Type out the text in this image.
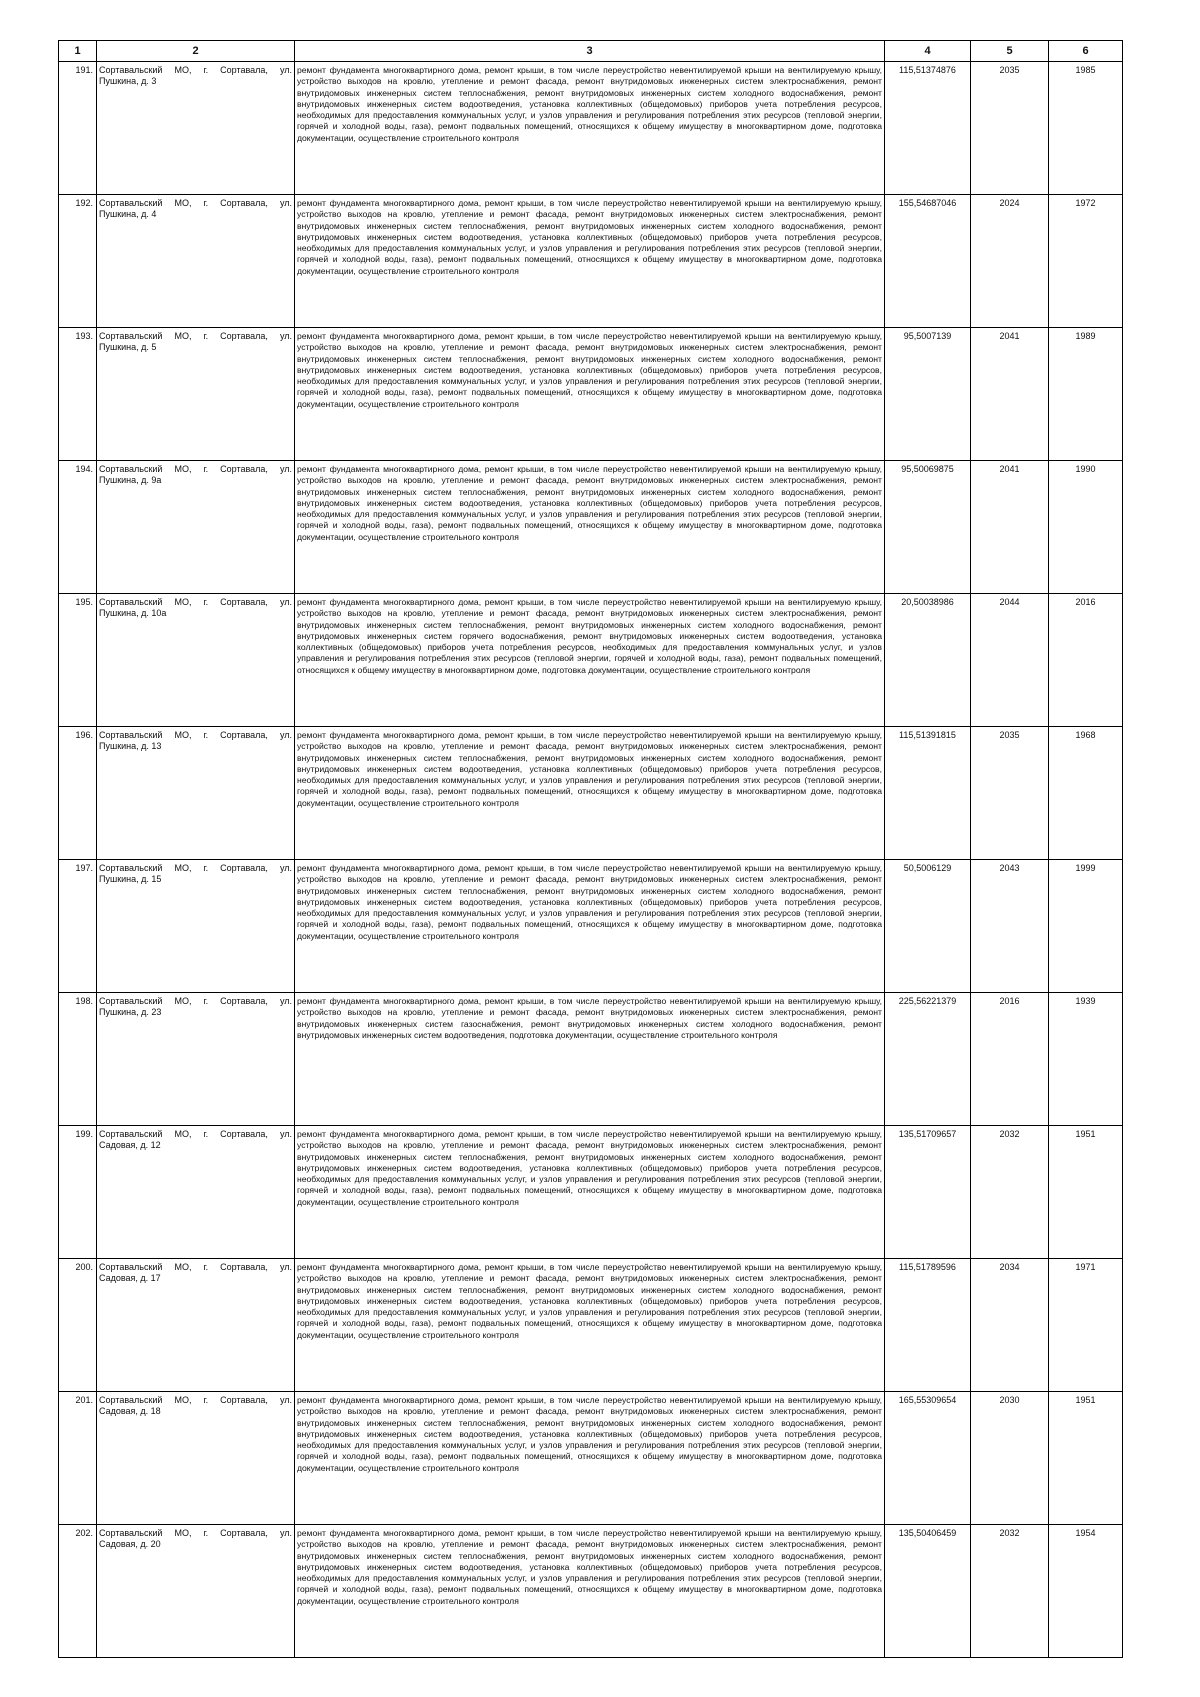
1	2	3	4	5	6
191.	Сортавальский МО, г. Сортавала, ул. Пушкина, д. 3	ремонт фундамента многоквартирного дома, ремонт крыши, в том числе переустройство невентилируемой крыши на вентилируемую крышу, устройство выходов на кровлю, утепление и ремонт фасада, ремонт внутридомовых инженерных систем электроснабжения, ремонт внутридомовых инженерных систем теплоснабжения, ремонт внутридомовых инженерных систем холодного водоснабжения, ремонт внутридомовых инженерных систем водоотведения, установка коллективных (общедомовых) приборов учета потребления ресурсов, необходимых для предоставления коммунальных услуг, и узлов управления и регулирования потребления этих ресурсов (тепловой энергии, горячей и холодной воды, газа), ремонт подвальных помещений, относящихся к общему имуществу в многоквартирном доме, подготовка документации, осуществление строительного контроля	115,51374876	2035	1985
192.	Сортавальский МО, г. Сортавала, ул. Пушкина, д. 4	ремонт фундамента многоквартирного дома, ремонт крыши, в том числе переустройство невентилируемой крыши на вентилируемую крышу, устройство выходов на кровлю, утепление и ремонт фасада, ремонт внутридомовых инженерных систем электроснабжения, ремонт внутридомовых инженерных систем теплоснабжения, ремонт внутридомовых инженерных систем холодного водоснабжения, ремонт внутридомовых инженерных систем водоотведения, установка коллективных (общедомовых) приборов учета потребления ресурсов, необходимых для предоставления коммунальных услуг, и узлов управления и регулирования потребления этих ресурсов (тепловой энергии, горячей и холодной воды, газа), ремонт подвальных помещений, относящихся к общему имуществу в многоквартирном доме, подготовка документации, осуществление строительного контроля	155,54687046	2024	1972
193.	Сортавальский МО, г. Сортавала, ул. Пушкина, д. 5	ремонт фундамента многоквартирного дома, ремонт крыши, в том числе переустройство невентилируемой крыши на вентилируемую крышу, устройство выходов на кровлю, утепление и ремонт фасада, ремонт внутридомовых инженерных систем электроснабжения, ремонт внутридомовых инженерных систем теплоснабжения, ремонт внутридомовых инженерных систем холодного водоснабжения, ремонт внутридомовых инженерных систем водоотведения, установка коллективных (общедомовых) приборов учета потребления ресурсов, необходимых для предоставления коммунальных услуг, и узлов управления и регулирования потребления этих ресурсов (тепловой энергии, горячей и холодной воды, газа), ремонт подвальных помещений, относящихся к общему имуществу в многоквартирном доме, подготовка документации, осуществление строительного контроля	95,5007139	2041	1989
194.	Сортавальский МО, г. Сортавала, ул. Пушкина, д. 9а	ремонт фундамента многоквартирного дома, ремонт крыши, в том числе переустройство невентилируемой крыши на вентилируемую крышу, устройство выходов на кровлю, утепление и ремонт фасада, ремонт внутридомовых инженерных систем электроснабжения, ремонт внутридомовых инженерных систем теплоснабжения, ремонт внутридомовых инженерных систем холодного водоснабжения, ремонт внутридомовых инженерных систем водоотведения, установка коллективных (общедомовых) приборов учета потребления ресурсов, необходимых для предоставления коммунальных услуг, и узлов управления и регулирования потребления этих ресурсов (тепловой энергии, горячей и холодной воды, газа), ремонт подвальных помещений, относящихся к общему имуществу в многоквартирном доме, подготовка документации, осуществление строительного контроля	95,50069875	2041	1990
195.	Сортавальский МО, г. Сортавала, ул. Пушкина, д. 10а	ремонт фундамента многоквартирного дома, ремонт крыши, в том числе переустройство невентилируемой крыши на вентилируемую крышу, устройство выходов на кровлю, утепление и ремонт фасада, ремонт внутридомовых инженерных систем электроснабжения, ремонт внутридомовых инженерных систем теплоснабжения, ремонт внутридомовых инженерных систем холодного водоснабжения, ремонт внутридомовых инженерных систем горячего водоснабжения, ремонт внутридомовых инженерных систем водоотведения, установка коллективных (общедомовых) приборов учета потребления ресурсов, необходимых для предоставления коммунальных услуг, и узлов управления и регулирования потребления этих ресурсов (тепловой энергии, горячей и холодной воды, газа), ремонт подвальных помещений, относящихся к общему имуществу в многоквартирном доме, подготовка документации, осуществление строительного контроля	20,50038986	2044	2016
196.	Сортавальский МО, г. Сортавала, ул. Пушкина, д. 13	ремонт фундамента многоквартирного дома, ремонт крыши, в том числе переустройство невентилируемой крыши на вентилируемую крышу, устройство выходов на кровлю, утепление и ремонт фасада, ремонт внутридомовых инженерных систем электроснабжения, ремонт внутридомовых инженерных систем теплоснабжения, ремонт внутридомовых инженерных систем холодного водоснабжения, ремонт внутридомовых инженерных систем водоотведения, установка коллективных (общедомовых) приборов учета потребления ресурсов, необходимых для предоставления коммунальных услуг, и узлов управления и регулирования потребления этих ресурсов (тепловой энергии, горячей и холодной воды, газа), ремонт подвальных помещений, относящихся к общему имуществу в многоквартирном доме, подготовка документации, осуществление строительного контроля	115,51391815	2035	1968
197.	Сортавальский МО, г. Сортавала, ул. Пушкина, д. 15	ремонт фундамента многоквартирного дома, ремонт крыши, в том числе переустройство невентилируемой крыши на вентилируемую крышу, устройство выходов на кровлю, утепление и ремонт фасада, ремонт внутридомовых инженерных систем электроснабжения, ремонт внутридомовых инженерных систем теплоснабжения, ремонт внутридомовых инженерных систем холодного водоснабжения, ремонт внутридомовых инженерных систем водоотведения, установка коллективных (общедомовых) приборов учета потребления ресурсов, необходимых для предоставления коммунальных услуг, и узлов управления и регулирования потребления этих ресурсов (тепловой энергии, горячей и холодной воды, газа), ремонт подвальных помещений, относящихся к общему имуществу в многоквартирном доме, подготовка документации, осуществление строительного контроля	50,5006129	2043	1999
198.	Сортавальский МО, г. Сортавала, ул. Пушкина, д. 23	ремонт фундамента многоквартирного дома, ремонт крыши, в том числе переустройство невентилируемой крыши на вентилируемую крышу, устройство выходов на кровлю, утепление и ремонт фасада, ремонт внутридомовых инженерных систем электроснабжения, ремонт внутридомовых инженерных систем газоснабжения, ремонт внутридомовых инженерных систем холодного водоснабжения, ремонт внутридомовых инженерных систем водоотведения, подготовка документации, осуществление строительного контроля	225,56221379	2016	1939
199.	Сортавальский МО, г. Сортавала, ул. Садовая, д. 12	ремонт фундамента многоквартирного дома, ремонт крыши, в том числе переустройство невентилируемой крыши на вентилируемую крышу, устройство выходов на кровлю, утепление и ремонт фасада, ремонт внутридомовых инженерных систем электроснабжения, ремонт внутридомовых инженерных систем теплоснабжения, ремонт внутридомовых инженерных систем холодного водоснабжения, ремонт внутридомовых инженерных систем водоотведения, установка коллективных (общедомовых) приборов учета потребления ресурсов, необходимых для предоставления коммунальных услуг, и узлов управления и регулирования потребления этих ресурсов (тепловой энергии, горячей и холодной воды, газа), ремонт подвальных помещений, относящихся к общему имуществу в многоквартирном доме, подготовка документации, осуществление строительного контроля	135,51709657	2032	1951
200.	Сортавальский МО, г. Сортавала, ул. Садовая, д. 17	ремонт фундамента многоквартирного дома, ремонт крыши, в том числе переустройство невентилируемой крыши на вентилируемую крышу, устройство выходов на кровлю, утепление и ремонт фасада, ремонт внутридомовых инженерных систем электроснабжения, ремонт внутридомовых инженерных систем теплоснабжения, ремонт внутридомовых инженерных систем холодного водоснабжения, ремонт внутридомовых инженерных систем водоотведения, установка коллективных (общедомовых) приборов учета потребления ресурсов, необходимых для предоставления коммунальных услуг, и узлов управления и регулирования потребления этих ресурсов (тепловой энергии, горячей и холодной воды, газа), ремонт подвальных помещений, относящихся к общему имуществу в многоквартирном доме, подготовка документации, осуществление строительного контроля	115,51789596	2034	1971
201.	Сортавальский МО, г. Сортавала, ул. Садовая, д. 18	ремонт фундамента многоквартирного дома, ремонт крыши, в том числе переустройство невентилируемой крыши на вентилируемую крышу, устройство выходов на кровлю, утепление и ремонт фасада, ремонт внутридомовых инженерных систем электроснабжения, ремонт внутридомовых инженерных систем теплоснабжения, ремонт внутридомовых инженерных систем холодного водоснабжения, ремонт внутридомовых инженерных систем водоотведения, установка коллективных (общедомовых) приборов учета потребления ресурсов, необходимых для предоставления коммунальных услуг, и узлов управления и регулирования потребления этих ресурсов (тепловой энергии, горячей и холодной воды, газа), ремонт подвальных помещений, относящихся к общему имуществу в многоквартирном доме, подготовка документации, осуществление строительного контроля	165,55309654	2030	1951
202.	Сортавальский МО, г. Сортавала, ул. Садовая, д. 20	ремонт фундамента многоквартирного дома, ремонт крыши, в том числе переустройство невентилируемой крыши на вентилируемую крышу, устройство выходов на кровлю, утепление и ремонт фасада, ремонт внутридомовых инженерных систем электроснабжения, ремонт внутридомовых инженерных систем теплоснабжения, ремонт внутридомовых инженерных систем холодного водоснабжения, ремонт внутридомовых инженерных систем водоотведения, установка коллективных (общедомовых) приборов учета потребления ресурсов, необходимых для предоставления коммунальных услуг, и узлов управления и регулирования потребления этих ресурсов (тепловой энергии, горячей и холодной воды, газа), ремонт подвальных помещений, относящихся к общему имуществу в многоквартирном доме, подготовка документации, осуществление строительного контроля	135,50406459	2032	1954
